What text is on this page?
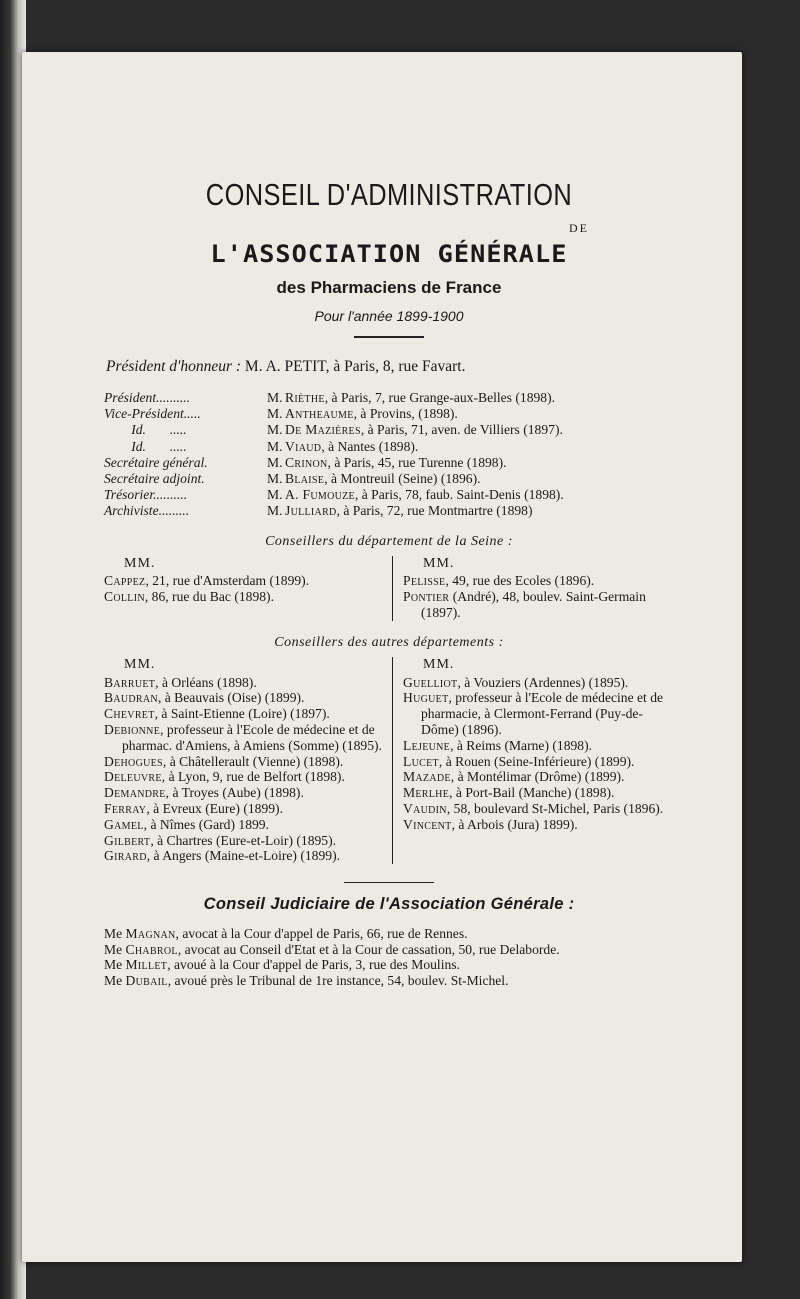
CONSEIL D'ADMINISTRATION
DE
L'ASSOCIATION GÉNÉRALE
des Pharmaciens de France
Pour l'année 1899-1900
Président d'honneur : M. A. PETIT, à Paris, 8, rue Favart.
Président..........	M. Rièthe, à Paris, 7, rue Grange-aux-Belles (1898).
Vice-Président.....	M. Antheaume, à Provins, (1898).
Id.       .....	M. De Mazières, à Paris, 71, aven. de Villiers (1897).
Id.       .....	M. Viaud, à Nantes (1898).
Secrétaire général.	M. Crinon, à Paris, 45, rue Turenne (1898).
Secrétaire adjoint.	M. Blaise, à Montreuil (Seine) (1896).
Trésorier..........	M. A. Fumouze, à Paris, 78, faub. Saint-Denis (1898).
Archiviste.........	M. Julliard, à Paris, 72, rue Montmartre (1898)
Conseillers du département de la Seine :
MM.
Cappez, 21, rue d'Amsterdam (1899).
Collin, 86, rue du Bac (1898).
MM.
Pelisse, 49, rue des Ecoles (1896).
Pontier (André), 48, boulev. Saint-Germain (1897).
Conseillers des autres départements :
MM.
Barruet, à Orléans (1898).
Baudran, à Beauvais (Oise) (1899).
Chevret, à Saint-Etienne (Loire) (1897).
Debionne, professeur à l'Ecole de médecine et de pharmac. d'Amiens, à Amiens (Somme) (1895).
Dehogues, à Châtellerault (Vienne) (1898).
Deleuvre, à Lyon, 9, rue de Belfort (1898).
Demandre, à Troyes (Aube) (1898).
Ferray, à Evreux (Eure) (1899).
Gamel, à Nîmes (Gard) 1899.
Gilbert, à Chartres (Eure-et-Loir) (1895).
Girard, à Angers (Maine-et-Loire) (1899).
MM.
Guelliot, à Vouziers (Ardennes) (1895).
Huguet, professeur à l'Ecole de médecine et de pharmacie, à Clermont-Ferrand (Puy-de-Dôme) (1896).
Lejeune, à Reims (Marne) (1898).
Lucet, à Rouen (Seine-Inférieure) (1899).
Mazade, à Montélimar (Drôme) (1899).
Merlhe, à Port-Bail (Manche) (1898).
Vaudin, 58, boulevard St-Michel, Paris (1896).
Vincent, à Arbois (Jura) 1899).
Conseil Judiciaire de l'Association Générale :
Me Magnan, avocat à la Cour d'appel de Paris, 66, rue de Rennes.
Me Chabrol, avocat au Conseil d'Etat et à la Cour de cassation, 50, rue Delaborde.
Me Millet, avoué à la Cour d'appel de Paris, 3, rue des Moulins.
Me Dubail, avoué près le Tribunal de 1re instance, 54, boulev. St-Michel.
